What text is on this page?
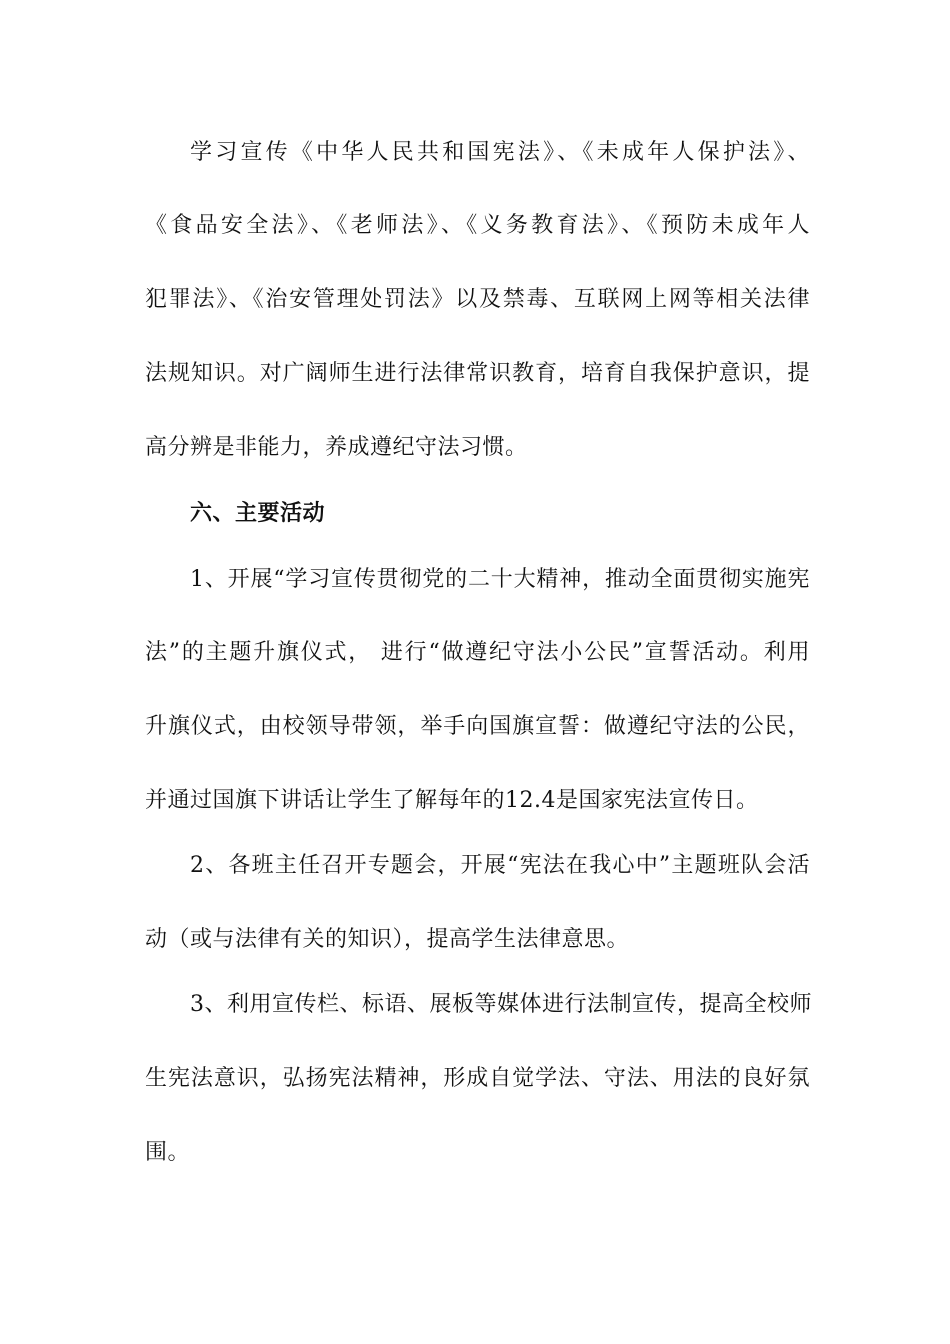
学习宣传《中华人民共和国宪法》、《未成年人保护法》、
《食品安全法》、《老师法》、《义务教育法》、《预防未成年人
犯罪法》、《治安管理处罚法》以及禁毒、互联网上网等相关法律
法规知识。对广阔师生进行法律常识教育，培育自我保护意识，提
高分辨是非能力，养成遵纪守法习惯。
六、主要活动
1、开展“学习宣传贯彻党的二十大精神，推动全面贯彻实施宪
法”的主题升旗仪式， 进行“做遵纪守法小公民”宣誓活动。利用
升旗仪式，由校领导带领，举手向国旗宣誓：做遵纪守法的公民，
并通过国旗下讲话让学生了解每年的12.4是国家宪法宣传日。
2、各班主任召开专题会，开展“宪法在我心中”主题班队会活
动（或与法律有关的知识），提高学生法律意思。
3、利用宣传栏、标语、展板等媒体进行法制宣传，提高全校师
生宪法意识，弘扬宪法精神，形成自觉学法、守法、用法的良好氛
围。
